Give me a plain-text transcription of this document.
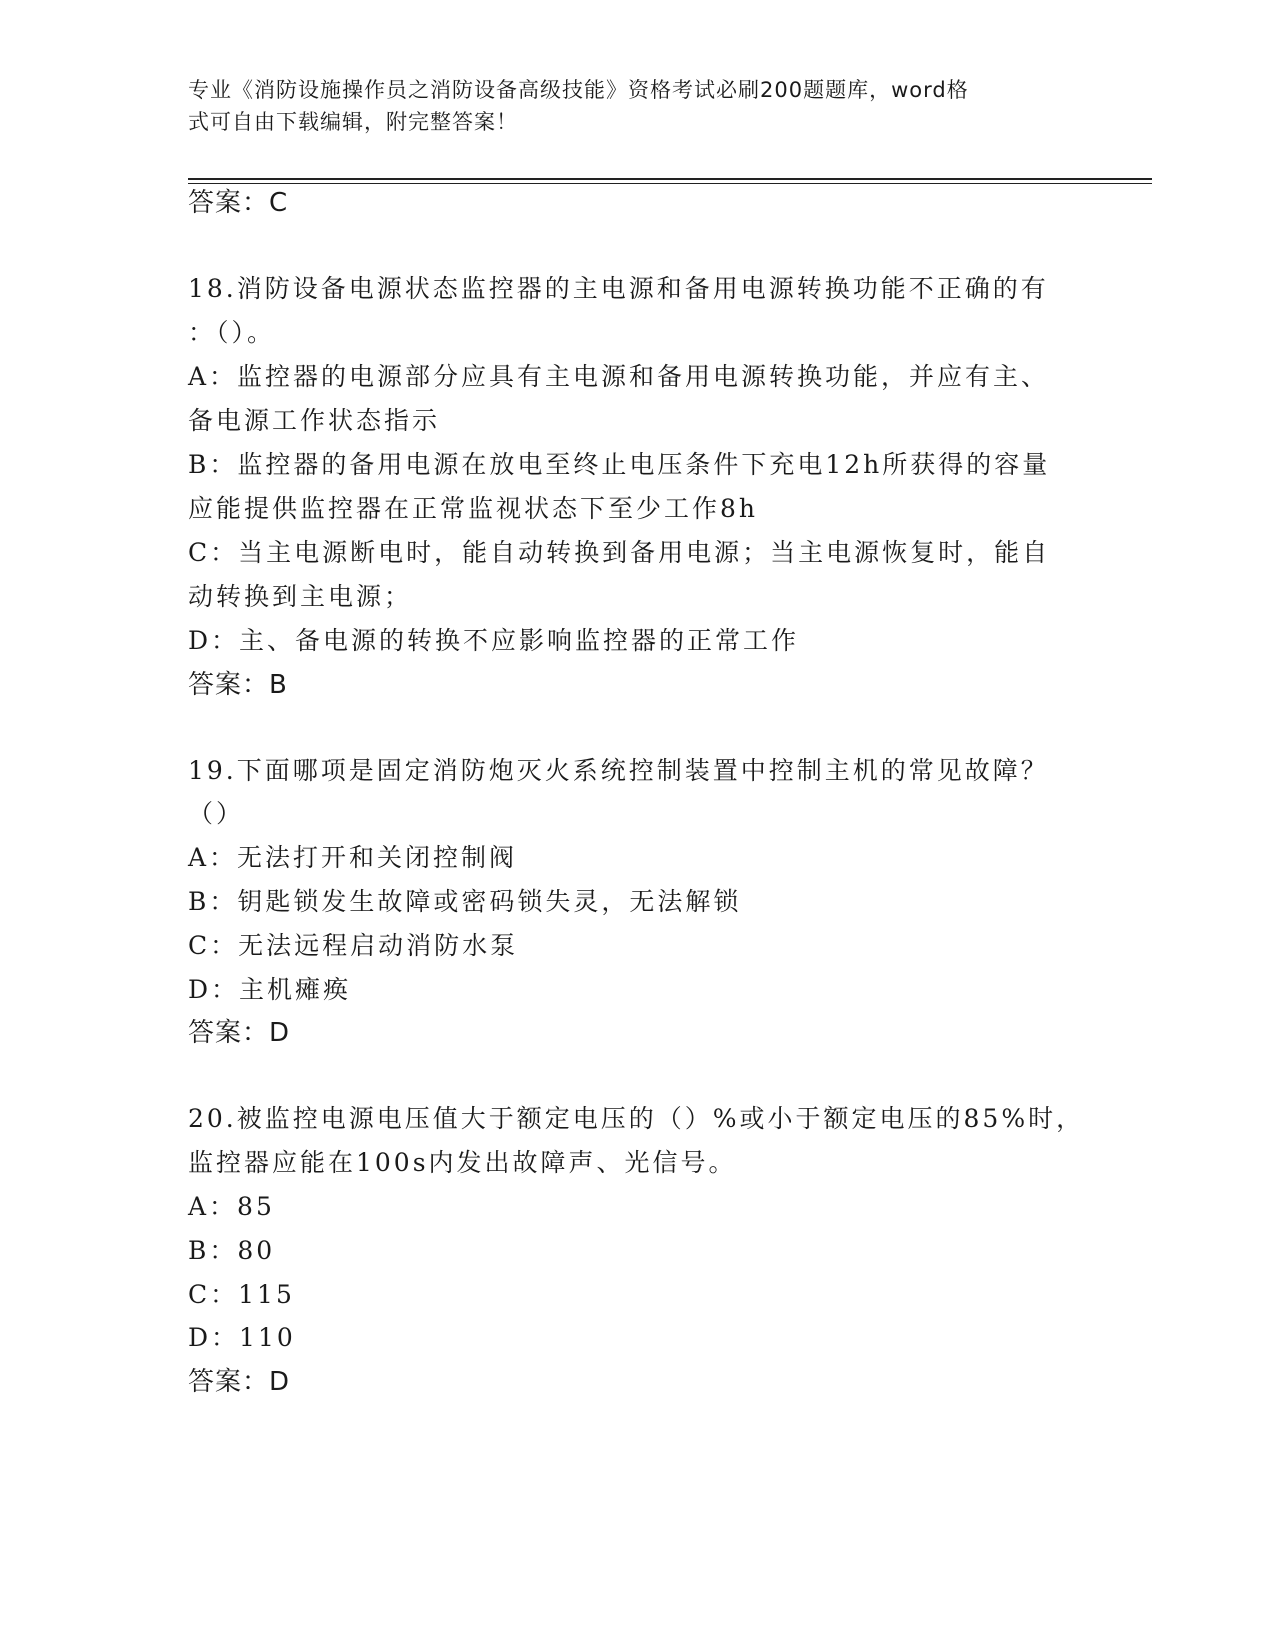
专业《消防设施操作员之消防设备高级技能》资格考试必刷200题题库，word格
式可自由下载编辑，附完整答案！
答案：C
18.消防设备电源状态监控器的主电源和备用电源转换功能不正确的有
：（）。
A：监控器的电源部分应具有主电源和备用电源转换功能，并应有主、
备电源工作状态指示
B：监控器的备用电源在放电至终止电压条件下充电12h所获得的容量
应能提供监控器在正常监视状态下至少工作8h
C：当主电源断电时，能自动转换到备用电源；当主电源恢复时，能自
动转换到主电源；
D：主、备电源的转换不应影响监控器的正常工作
答案：B
19.下面哪项是固定消防炮灭火系统控制装置中控制主机的常见故障？
（）
A：无法打开和关闭控制阀
B：钥匙锁发生故障或密码锁失灵，无法解锁
C：无法远程启动消防水泵
D：主机瘫痪
答案：D
20.被监控电源电压值大于额定电压的（）%或小于额定电压的85%时，
监控器应能在100s内发出故障声、光信号。
A：85
B：80
C：115
D：110
答案：D
